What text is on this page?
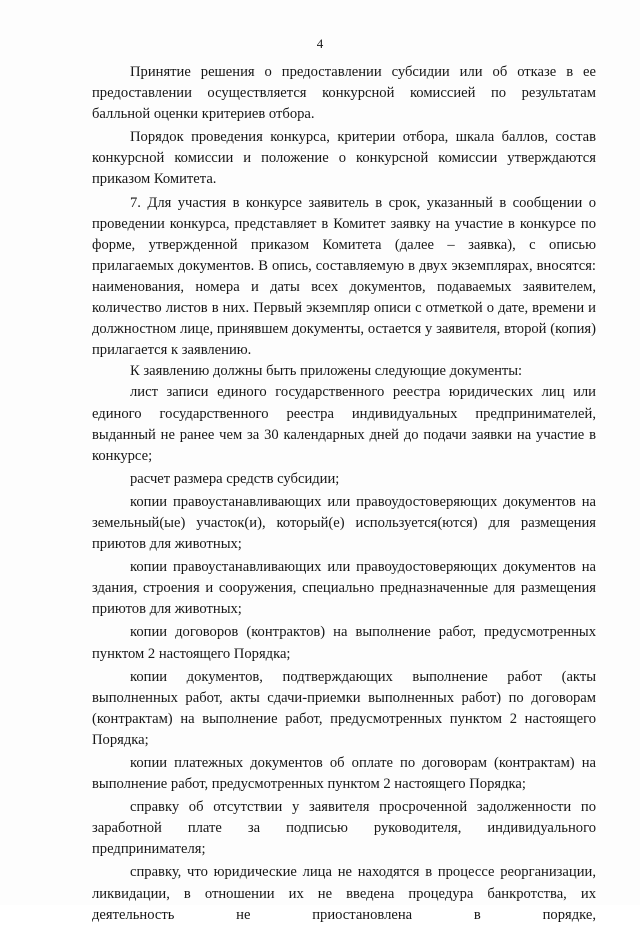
4

Принятие решения о предоставлении субсидии или об отказе в ее предоставлении осуществляется конкурсной комиссией по результатам балльной оценки критериев отбора.

Порядок проведения конкурса, критерии отбора, шкала баллов, состав конкурсной комиссии и положение о конкурсной комиссии утверждаются приказом Комитета.

7. Для участия в конкурсе заявитель в срок, указанный в сообщении о проведении конкурса, представляет в Комитет заявку на участие в конкурсе по форме, утвержденной приказом Комитета (далее – заявка), с описью прилагаемых документов. В опись, составляемую в двух экземплярах, вносятся: наименования, номера и даты всех документов, подаваемых заявителем, количество листов в них. Первый экземпляр описи с отметкой о дате, времени и должностном лице, принявшем документы, остается у заявителя, второй (копия) прилагается к заявлению.

К заявлению должны быть приложены следующие документы:

лист записи единого государственного реестра юридических лиц или единого государственного реестра индивидуальных предпринимателей, выданный не ранее чем за 30 календарных дней до подачи заявки на участие в конкурсе;

расчет размера средств субсидии;

копии правоустанавливающих или правоудостоверяющих документов на земельный(ые) участок(и), который(е) используется(ются) для размещения приютов для животных;

копии правоустанавливающих или правоудостоверяющих документов на здания, строения и сооружения, специально предназначенные для размещения приютов для животных;

копии договоров (контрактов) на выполнение работ, предусмотренных пунктом 2 настоящего Порядка;

копии документов, подтверждающих выполнение работ (акты выполненных работ, акты сдачи-приемки выполненных работ) по договорам (контрактам) на выполнение работ, предусмотренных пунктом 2 настоящего Порядка;

копии платежных документов об оплате по договорам (контрактам) на выполнение работ, предусмотренных пунктом 2 настоящего Порядка;

справку об отсутствии у заявителя просроченной задолженности по заработной плате за подписью руководителя, индивидуального предпринимателя;

справку, что юридические лица не находятся в процессе реорганизации, ликвидации, в отношении их не введена процедура банкротства, их деятельность не приостановлена в порядке,
